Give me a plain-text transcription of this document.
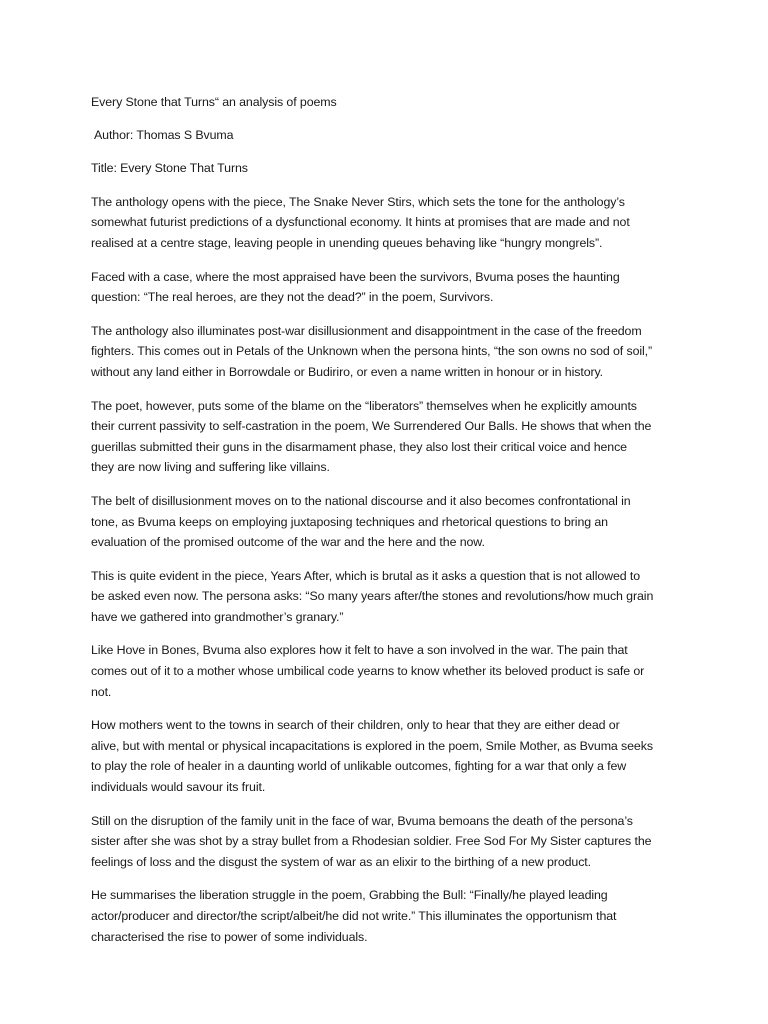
Every Stone that Turns“ an analysis of poems
Author: Thomas S Bvuma
Title: Every Stone That Turns
The anthology opens with the piece, The Snake Never Stirs, which sets the tone for the anthology’s
somewhat futurist predictions of a dysfunctional economy. It hints at promises that are made and not
realised at a centre stage, leaving people in unending queues behaving like “hungry mongrels”.
Faced with a case, where the most appraised have been the survivors, Bvuma poses the haunting
question: “The real heroes, are they not the dead?” in the poem, Survivors.
The anthology also illuminates post-war disillusionment and disappointment in the case of the freedom
fighters. This comes out in Petals of the Unknown when the persona hints, “the son owns no sod of soil,”
without any land either in Borrowdale or Budiriro, or even a name written in honour or in history.
The poet, however, puts some of the blame on the “liberators” themselves when he explicitly amounts
their current passivity to self-castration in the poem, We Surrendered Our Balls. He shows that when the
guerillas submitted their guns in the disarmament phase, they also lost their critical voice and hence
they are now living and suffering like villains.
The belt of disillusionment moves on to the national discourse and it also becomes confrontational in
tone, as Bvuma keeps on employing juxtaposing techniques and rhetorical questions to bring an
evaluation of the promised outcome of the war and the here and the now.
This is quite evident in the piece, Years After, which is brutal as it asks a question that is not allowed to
be asked even now. The persona asks: “So many years after/the stones and revolutions/how much grain
have we gathered into grandmother’s granary.”
Like Hove in Bones, Bvuma also explores how it felt to have a son involved in the war. The pain that
comes out of it to a mother whose umbilical code yearns to know whether its beloved product is safe or
not.
How mothers went to the towns in search of their children, only to hear that they are either dead or
alive, but with mental or physical incapacitations is explored in the poem, Smile Mother, as Bvuma seeks
to play the role of healer in a daunting world of unlikable outcomes, fighting for a war that only a few
individuals would savour its fruit.
Still on the disruption of the family unit in the face of war, Bvuma bemoans the death of the persona’s
sister after she was shot by a stray bullet from a Rhodesian soldier. Free Sod For My Sister captures the
feelings of loss and the disgust the system of war as an elixir to the birthing of a new product.
He summarises the liberation struggle in the poem, Grabbing the Bull: “Finally/he played leading
actor/producer and director/the script/albeit/he did not write.” This illuminates the opportunism that
characterised the rise to power of some individuals.
